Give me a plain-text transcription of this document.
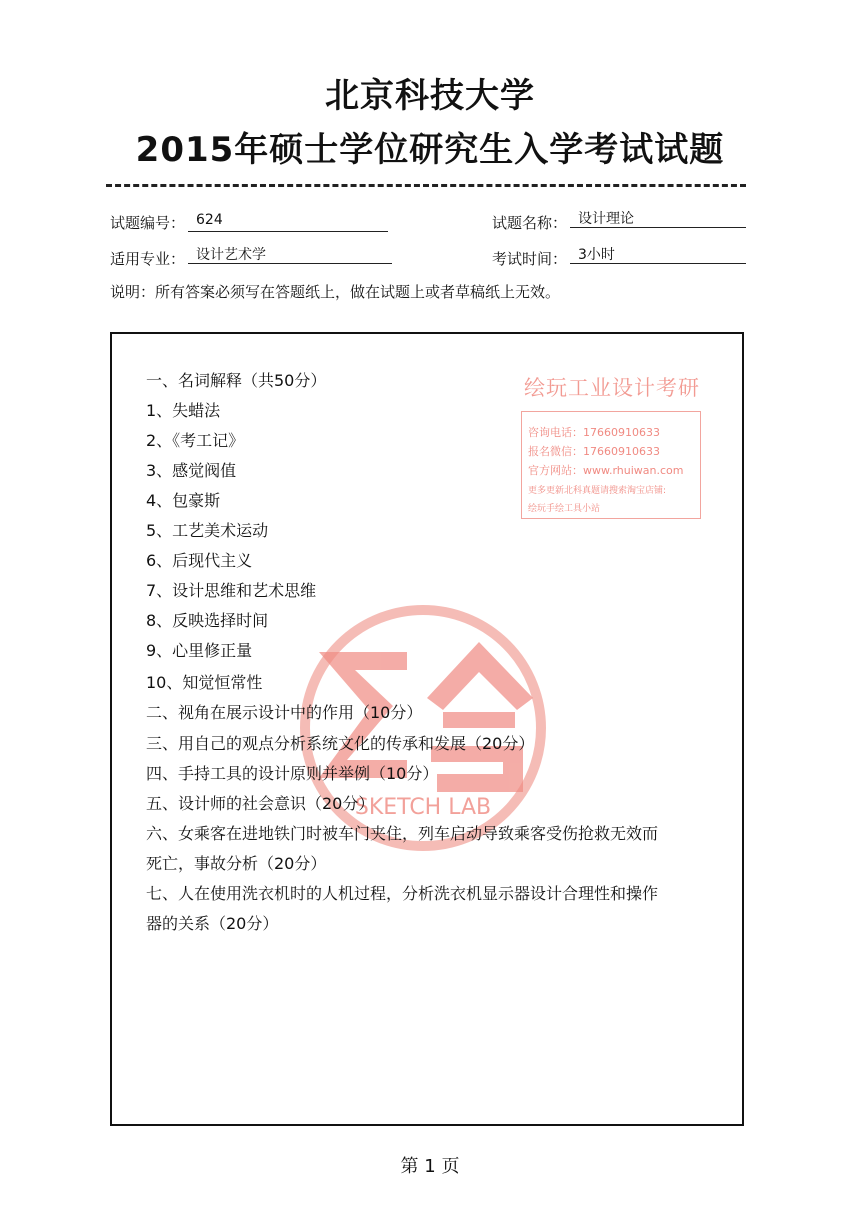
北京科技大学
2015年硕士学位研究生入学考试试题
试题编号： 624	试题名称： 设计理论
适用专业： 设计艺术学	考试时间： 3小时
说明：所有答案必须写在答题纸上，做在试题上或者草稿纸上无效。
绘玩工业设计考研
咨询电话：17660910633
报名微信：17660910633
官方网站：www.rhuiwan.com
更多更新北科真题请搜索淘宝店铺:
绘玩手绘工具小站
SKETCH LAB
一、名词解释（共50分）
1、失蜡法
2、《考工记》
3、感觉阀值
4、包豪斯
5、工艺美术运动
6、后现代主义
7、设计思维和艺术思维
8、反映选择时间
9、心里修正量
10、知觉恒常性
二、视角在展示设计中的作用（10分）
三、用自己的观点分析系统文化的传承和发展（20分）
四、手持工具的设计原则并举例（10分）
五、设计师的社会意识（20分）
六、女乘客在进地铁门时被车门夹住，列车启动导致乘客受伤抢救无效而
死亡，事故分析（20分）
七、人在使用洗衣机时的人机过程，分析洗衣机显示器设计合理性和操作
器的关系（20分）
第 1 页
